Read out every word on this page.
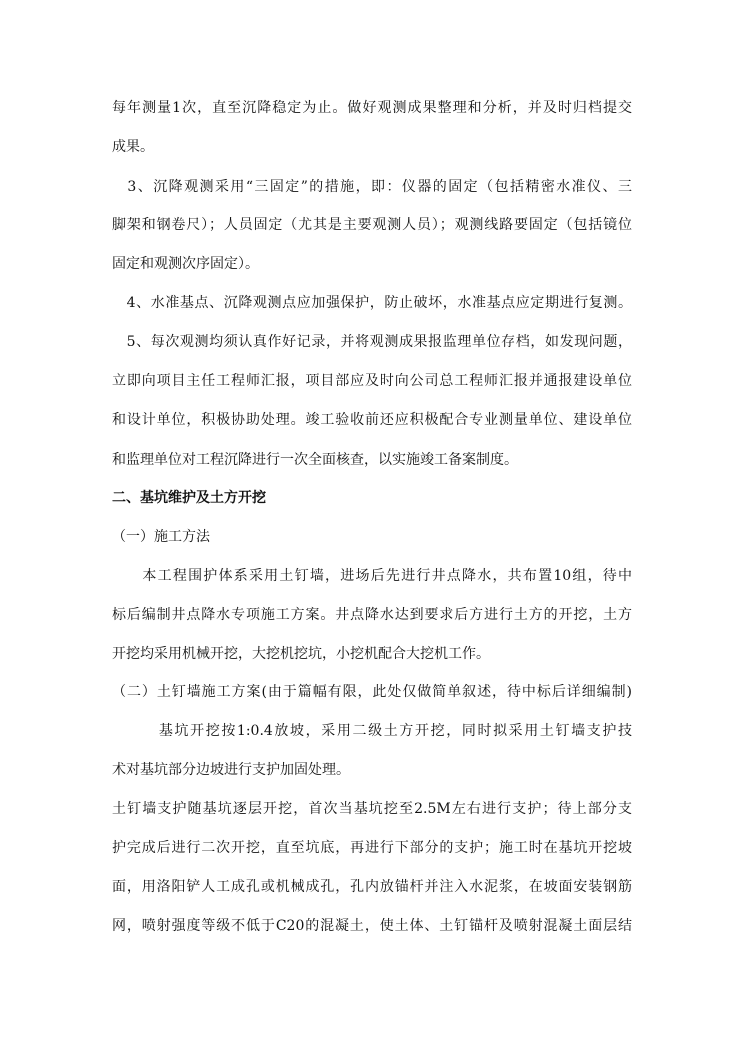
每年测量1次，直至沉降稳定为止。做好观测成果整理和分析，并及时归档提交
成果。
　3、沉降观测采用“三固定”的措施，即：仪器的固定（包括精密水准仪、三
脚架和钢卷尺）；人员固定（尤其是主要观测人员）；观测线路要固定（包括镜位
固定和观测次序固定）。
　4、水准基点、沉降观测点应加强保护，防止破坏，水准基点应定期进行复测。
　5、每次观测均须认真作好记录，并将观测成果报监理单位存档，如发现问题，
立即向项目主任工程师汇报，项目部应及时向公司总工程师汇报并通报建设单位
和设计单位，积极协助处理。竣工验收前还应积极配合专业测量单位、建设单位
和监理单位对工程沉降进行一次全面核查，以实施竣工备案制度。
二、基坑维护及土方开挖
（一）施工方法
　　本工程围护体系采用土钉墙，进场后先进行井点降水，共布置10组，待中
标后编制井点降水专项施工方案。井点降水达到要求后方进行土方的开挖，土方
开挖均采用机械开挖，大挖机挖坑，小挖机配合大挖机工作。
（二）土钉墙施工方案(由于篇幅有限，此处仅做简单叙述，待中标后详细编制)
　　　基坑开挖按1:0.4放坡，采用二级土方开挖，同时拟采用土钉墙支护技
术对基坑部分边坡进行支护加固处理。
土钉墙支护随基坑逐层开挖，首次当基坑挖至2.5M左右进行支护；待上部分支
护完成后进行二次开挖，直至坑底，再进行下部分的支护；施工时在基坑开挖坡
面，用洛阳铲人工成孔或机械成孔，孔内放锚杆并注入水泥浆，在坡面安装钢筋
网，喷射强度等级不低于C20的混凝土，使土体、土钉锚杆及喷射混凝土面层结
